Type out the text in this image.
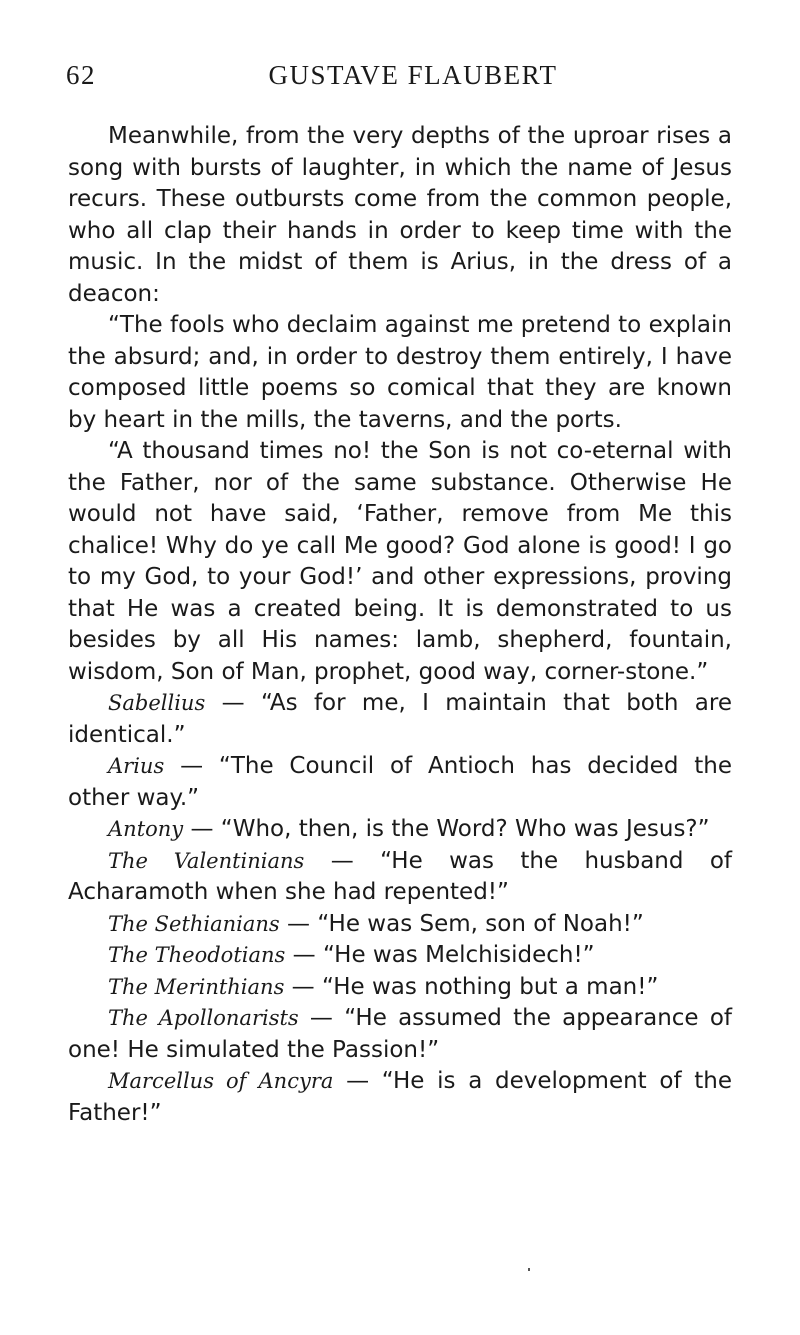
62	GUSTAVE FLAUBERT

Meanwhile, from the very depths of the uproar rises a song with bursts of laughter, in which the name of Jesus recurs. These outbursts come from the common people, who all clap their hands in order to keep time with the music. In the midst of them is Arius, in the dress of a deacon:

“The fools who declaim against me pretend to explain the absurd; and, in order to destroy them entirely, I have composed little poems so comical that they are known by heart in the mills, the taverns, and the ports.

“A thousand times no! the Son is not co-eternal with the Father, nor of the same substance. Otherwise He would not have said, ‘Father, remove from Me this chalice! Why do ye call Me good? God alone is good! I go to my God, to your God!’ and other expressions, proving that He was a created being. It is demonstrated to us besides by all His names: lamb, shepherd, fountain, wisdom, Son of Man, prophet, good way, corner-stone.”

Sabellius — “As for me, I maintain that both are identical.”

Arius — “The Council of Antioch has decided the other way.”

Antony — “Who, then, is the Word? Who was Jesus?”

The Valentinians — “He was the husband of Acharamoth when she had repented!”

The Sethianians — “He was Sem, son of Noah!”

The Theodotians — “He was Melchisidech!”

The Merinthians — “He was nothing but a man!”

The Apollonarists — “He assumed the appearance of one! He simulated the Passion!”

Marcellus of Ancyra — “He is a development of the Father!”
